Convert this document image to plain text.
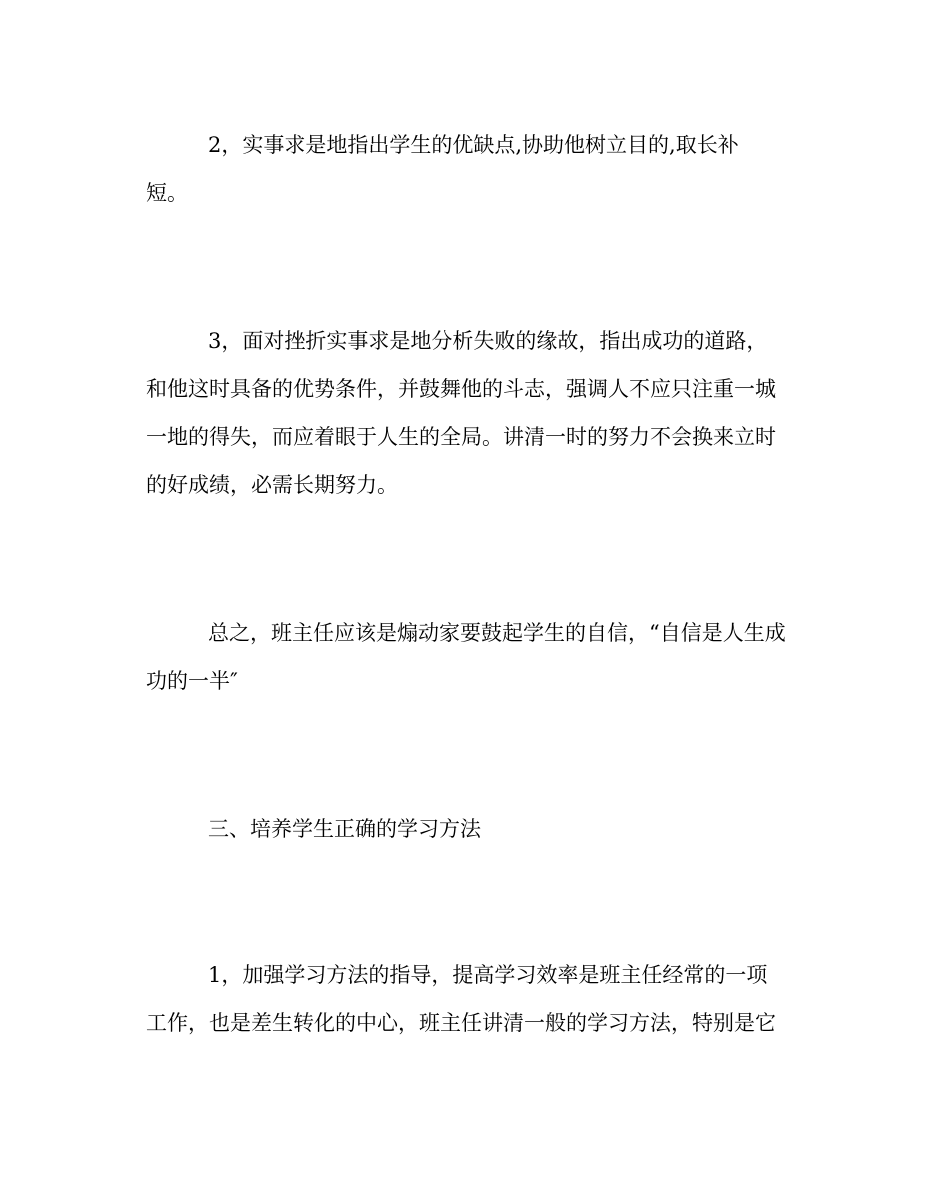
2，实事求是地指出学生的优缺点,协助他树立目的,取长补
短。
3，面对挫折实事求是地分析失败的缘故，指出成功的道路，
和他这时具备的优势条件，并鼓舞他的斗志，强调人不应只注重一城
一地的得失，而应着眼于人生的全局。讲清一时的努力不会换来立时
的好成绩，必需长期努力。
总之，班主任应该是煽动家要鼓起学生的自信，“自信是人生成
功的一半″
三、培养学生正确的学习方法
1，加强学习方法的指导，提高学习效率是班主任经常的一项
工作，也是差生转化的中心，班主任讲清一般的学习方法，特别是它
